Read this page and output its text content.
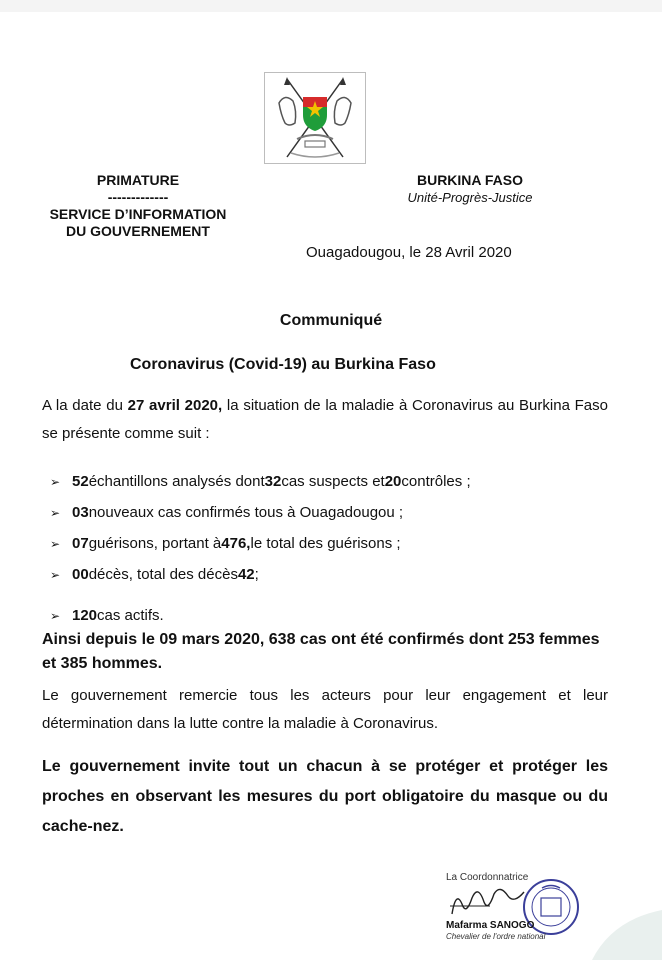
PRIMATURE
-------------
SERVICE D’INFORMATION
DU GOUVERNEMENT
BURKINA FASO
Unité-Progrès-Justice
Ouagadougou, le 28 Avril 2020
Communiqué
Coronavirus (Covid-19) au Burkina Faso
A la date du 27 avril 2020, la situation de la maladie à Coronavirus au Burkina Faso se présente comme suit :
➢ 52 échantillons analysés dont 32 cas suspects et 20 contrôles ;
➢ 03 nouveaux cas confirmés tous à Ouagadougou ;
➢ 07 guérisons, portant à 476, le total des guérisons ;
➢ 00 décès, total des décès 42 ;
➢ 120 cas actifs.
Ainsi depuis le 09 mars 2020, 638 cas ont été confirmés dont 253 femmes et 385 hommes.
Le gouvernement remercie tous les acteurs pour leur engagement et leur détermination dans la lutte contre la maladie à Coronavirus.
Le gouvernement invite tout un chacun à se protéger et protéger les proches en observant les mesures du port obligatoire du masque ou du cache-nez.
La Coordonnatrice
Mafarma SANOGO
Chevalier de l'ordre national
